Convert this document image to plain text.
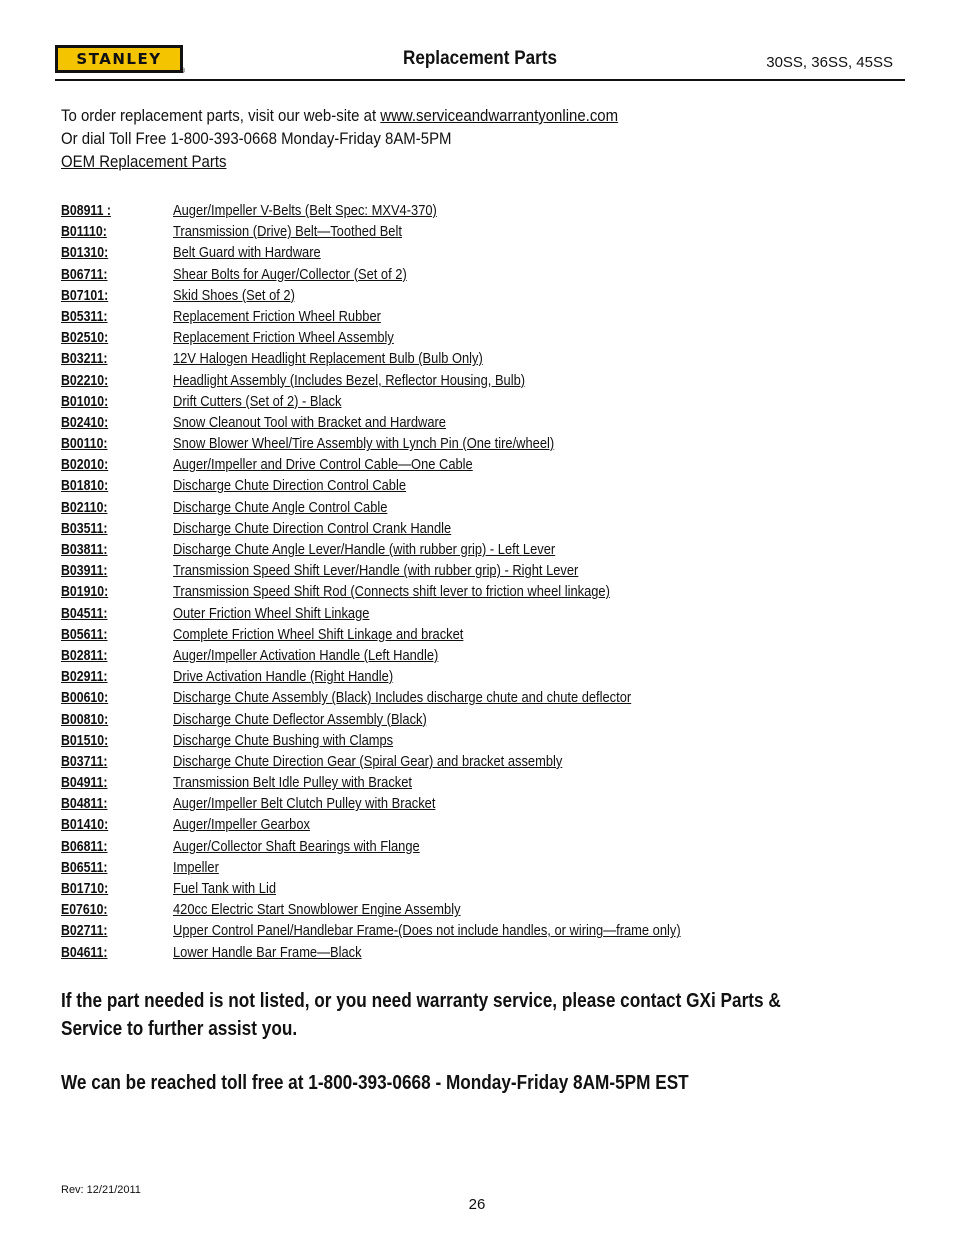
STANLEY
®
Replacement Parts	30SS, 36SS, 45SS
To order replacement parts, visit our web-site at www.serviceandwarrantyonline.com
Or dial Toll Free 1-800-393-0668 Monday-Friday 8AM-5PM
OEM Replacement Parts
B08911 :	Auger/Impeller V-Belts (Belt Spec: MXV4-370)
B01110:	Transmission (Drive) Belt—Toothed Belt
B01310:	Belt Guard with Hardware
B06711:	Shear Bolts for Auger/Collector (Set of 2)
B07101:	Skid Shoes (Set of 2)
B05311:	Replacement Friction Wheel Rubber
B02510:	Replacement Friction Wheel Assembly
B03211:	12V Halogen Headlight Replacement Bulb (Bulb Only)
B02210:	Headlight Assembly (Includes Bezel, Reflector Housing, Bulb)
B01010:	Drift Cutters (Set of 2) - Black
B02410:	Snow Cleanout Tool with Bracket and Hardware
B00110:	Snow Blower Wheel/Tire Assembly with Lynch Pin (One tire/wheel)
B02010:	Auger/Impeller and Drive Control Cable—One Cable
B01810:	Discharge Chute Direction Control Cable
B02110:	Discharge Chute Angle Control Cable
B03511:	Discharge Chute Direction Control Crank Handle
B03811:	Discharge Chute Angle Lever/Handle (with rubber grip) - Left Lever
B03911:	Transmission Speed Shift Lever/Handle (with rubber grip) - Right Lever
B01910:	Transmission Speed Shift Rod (Connects shift lever to friction wheel linkage)
B04511:	Outer Friction Wheel Shift Linkage
B05611:	Complete Friction Wheel Shift Linkage and bracket
B02811:	Auger/Impeller Activation Handle (Left Handle)
B02911:	Drive Activation Handle (Right Handle)
B00610:	Discharge Chute Assembly (Black) Includes discharge chute and chute deflector
B00810:	Discharge Chute Deflector Assembly (Black)
B01510:	Discharge Chute Bushing with Clamps
B03711:	Discharge Chute Direction Gear (Spiral Gear) and bracket assembly
B04911:	Transmission Belt Idle Pulley with Bracket
B04811:	Auger/Impeller Belt Clutch Pulley with Bracket
B01410:	Auger/Impeller Gearbox
B06811:	Auger/Collector Shaft Bearings with Flange
B06511:	Impeller
B01710:	Fuel Tank with Lid
E07610:	420cc Electric Start Snowblower Engine Assembly
B02711:	Upper Control Panel/Handlebar Frame-(Does not include handles, or wiring—frame only)
B04611:	Lower Handle Bar Frame—Black

If the part needed is not listed, or you need warranty service, please contact GXi Parts &

Service to further assist you.

We can be reached toll free at 1-800-393-0668 - Monday-Friday 8AM-5PM EST

Rev: 12/21/2011
26
